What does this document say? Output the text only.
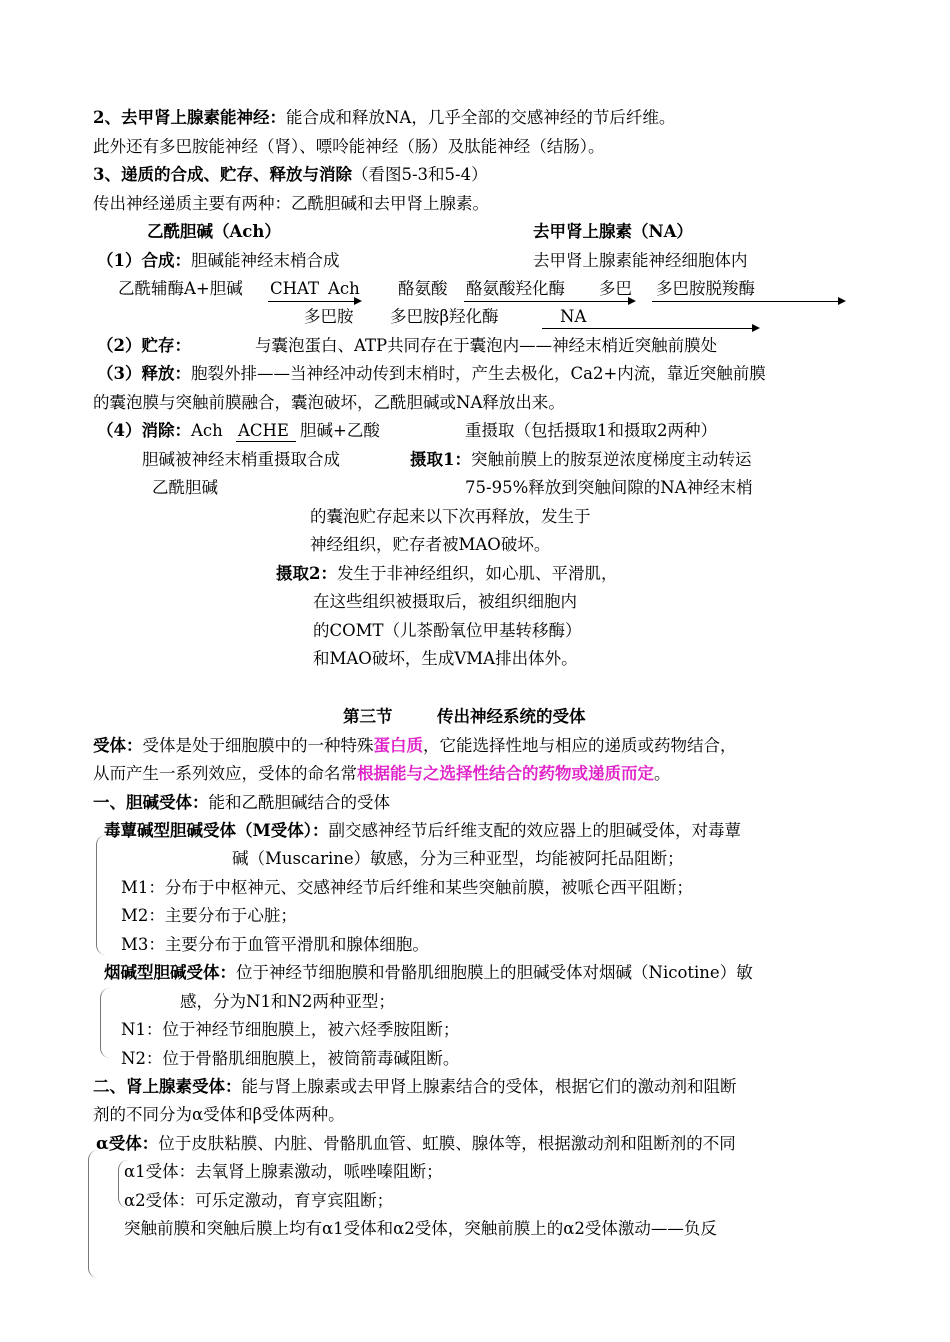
2、去甲肾上腺素能神经：能合成和释放NA，几乎全部的交感神经的节后纤维。
此外还有多巴胺能神经（肾）、嘌呤能神经（肠）及肽能神经（结肠）。
3、递质的合成、贮存、释放与消除（看图5-3和5-4）
传出神经递质主要有两种：乙酰胆碱和去甲肾上腺素。
乙酰胆碱（Ach）	去甲肾上腺素（NA）
（1）合成：胆碱能神经末梢合成	去甲肾上腺素能神经细胞体内
乙酰辅酶A+胆碱 CHAT Ach 酪氨酸 酪氨酸羟化酶 多巴 多巴胺脱羧酶
多巴胺 多巴胺β羟化酶	NA
（2）贮存：	与囊泡蛋白、ATP共同存在于囊泡内——神经末梢近突触前膜处
（3）释放：胞裂外排——当神经冲动传到末梢时，产生去极化，Ca2+内流，靠近突触前膜
的囊泡膜与突触前膜融合，囊泡破坏，乙酰胆碱或NA释放出来。
（4）消除：Ach ACHE 胆碱+乙酸	重摄取（包括摄取1和摄取2两种）
胆碱被神经末梢重摄取合成	摄取1：突触前膜上的胺泵逆浓度梯度主动转运
乙酰胆碱	75-95%释放到突触间隙的NA神经末梢
的囊泡贮存起来以下次再释放，发生于
神经组织，贮存者被MAO破坏。
摄取2：发生于非神经组织，如心肌、平滑肌，
在这些组织被摄取后，被组织细胞内
的COMT（儿茶酚氧位甲基转移酶）
和MAO破坏，生成VMA排出体外。
第三节	传出神经系统的受体
受体：受体是处于细胞膜中的一种特殊蛋白质，它能选择性地与相应的递质或药物结合，
从而产生一系列效应，受体的命名常根据能与之选择性结合的药物或递质而定。
一、胆碱受体：能和乙酰胆碱结合的受体
毒蕈碱型胆碱受体（M受体）：副交感神经节后纤维支配的效应器上的胆碱受体，对毒蕈
碱（Muscarine）敏感，分为三种亚型，均能被阿托品阻断；
M1：分布于中枢神元、交感神经节后纤维和某些突触前膜，被哌仑西平阻断；
M2：主要分布于心脏；
M3：主要分布于血管平滑肌和腺体细胞。
烟碱型胆碱受体：位于神经节细胞膜和骨骼肌细胞膜上的胆碱受体对烟碱（Nicotine）敏
感，分为N1和N2两种亚型；
N1：位于神经节细胞膜上，被六烃季胺阻断；
N2：位于骨骼肌细胞膜上，被筒箭毒碱阻断。
二、肾上腺素受体：能与肾上腺素或去甲肾上腺素结合的受体，根据它们的激动剂和阻断
剂的不同分为α受体和β受体两种。
α受体：位于皮肤粘膜、内脏、骨骼肌血管、虹膜、腺体等，根据激动剂和阻断剂的不同
α1受体：去氧肾上腺素激动，哌唑嗪阻断；
α2受体：可乐定激动，育亨宾阻断；
突触前膜和突触后膜上均有α1受体和α2受体，突触前膜上的α2受体激动——负反
